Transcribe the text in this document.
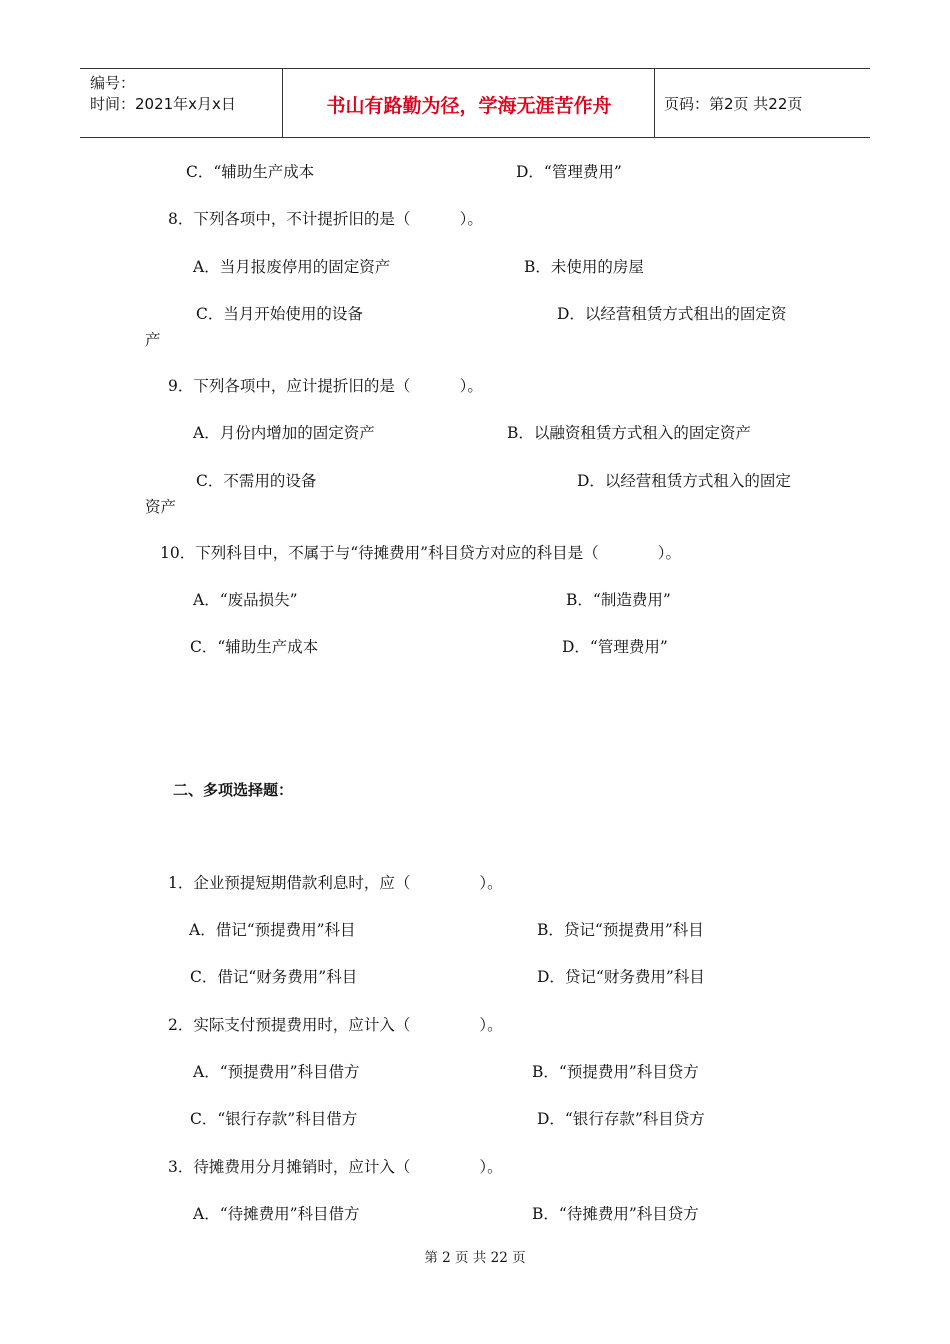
编号：
时间：2021年x月x日	书山有路勤为径，学海无涯苦作舟	页码：第2页 共22页
C．“辅助生产成本	D．“管理费用”
8．下列各项中，不计提折旧的是（          ）。
A．当月报废停用的固定资产	B．未使用的房屋
C．当月开始使用的设备	D．以经营租赁方式租出的固定资
产
9．下列各项中，应计提折旧的是（          ）。
A．月份内增加的固定资产	B．以融资租赁方式租入的固定资产
C．不需用的设备	D．以经营租赁方式租入的固定
资产
10．下列科目中，不属于与“待摊费用”科目贷方对应的科目是（            ）。
A．“废品损失”	B．“制造费用”
C．“辅助生产成本	D．“管理费用”
二、多项选择题：
1．企业预提短期借款利息时，应（              ）。
A．借记“预提费用”科目	B．贷记“预提费用”科目
C．借记“财务费用”科目	D．贷记“财务费用”科目
2．实际支付预提费用时，应计入（              ）。
A．“预提费用”科目借方	B．“预提费用”科目贷方
C．“银行存款”科目借方	D．“银行存款”科目贷方
3．待摊费用分月摊销时，应计入（              ）。
A．“待摊费用”科目借方	B．“待摊费用”科目贷方
第 2 页 共 22 页
